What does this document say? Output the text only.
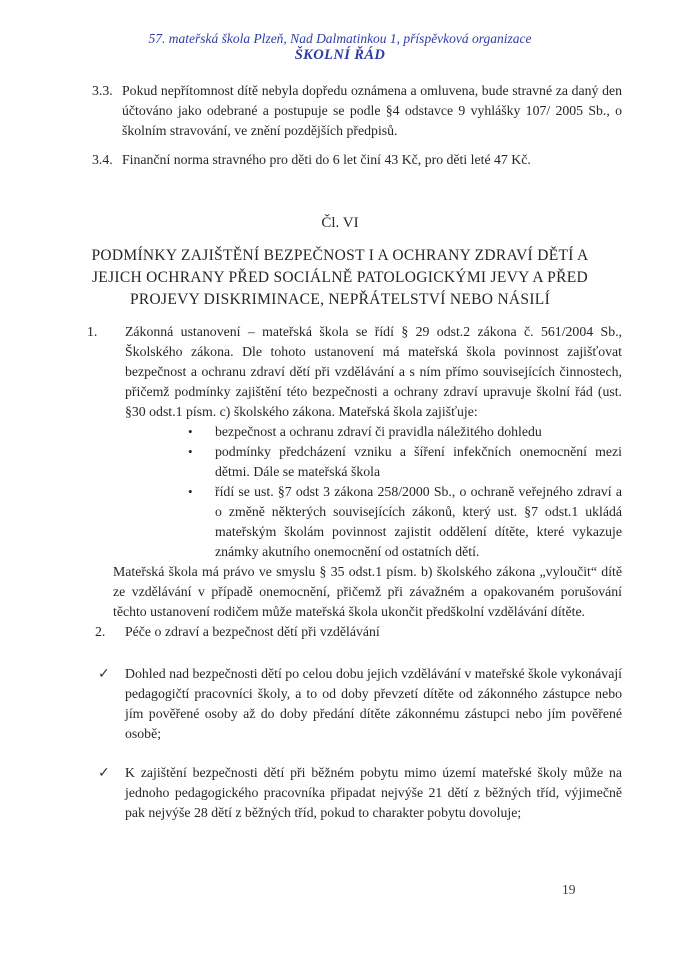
57. mateřská škola Plzeň, Nad Dalmatinkou 1, příspěvková organizace
ŠKOLNÍ ŘÁD
3.3. Pokud nepřítomnost dítě nebyla dopředu oznámena a omluvena, bude stravné za daný den účtováno jako odebrané a postupuje se podle §4 odstavce 9 vyhlášky 107/ 2005 Sb., o školním stravování, ve znění pozdějších předpisů.
3.4. Finanční norma stravného pro děti do 6 let činí 43 Kč, pro děti leté 47 Kč.
Čl. VI
PODMÍNKY ZAJIŠTĚNÍ BEZPEČNOST I A OCHRANY ZDRAVÍ DĚTÍ A JEJICH OCHRANY PŘED SOCIÁLNĚ PATOLOGICKÝMI JEVY A PŘED PROJEVY DISKRIMINACE, NEPŘÁTELSTVÍ NEBO NÁSILÍ
1.	Zákonná ustanovení – mateřská škola se řídí § 29 odst.2 zákona č. 561/2004 Sb., Školského zákona. Dle tohoto ustanovení má mateřská škola povinnost zajišťovat bezpečnost a ochranu zdraví dětí při vzdělávání a s ním přímo souvisejících činnostech, přičemž podmínky zajištění této bezpečnosti a ochrany zdraví upravuje školní řád (ust. §30 odst.1 písm. c) školského zákona. Mateřská škola zajišťuje:
•	bezpečnost a ochranu zdraví či pravidla náležitého dohledu
•	podmínky předcházení vzniku a šíření infekčních onemocnění mezi dětmi. Dále se mateřská škola
•	řídí se ust. §7 odst 3 zákona 258/2000 Sb., o ochraně veřejného zdraví a o změně některých souvisejících zákonů, který ust. §7 odst.1 ukládá mateřským školám povinnost zajistit oddělení dítěte, které vykazuje známky akutního onemocnění od ostatních dětí.
Mateřská škola má právo ve smyslu § 35 odst.1 písm. b) školského zákona „vyloučit“ dítě ze vzdělávání v případě onemocnění, přičemž při závažném a opakovaném porušování těchto ustanovení rodičem může mateřská škola ukončit předškolní vzdělávání dítěte.
2.	Péče o zdraví a bezpečnost dětí při vzdělávání
✓	Dohled nad bezpečnosti dětí po celou dobu jejich vzdělávání v mateřské škole vykonávají pedagogičtí pracovníci školy, a to od doby převzetí dítěte od zákonného zástupce nebo jím pověřené osoby až do doby předání dítěte zákonnému zástupci nebo jím pověřené osobě;
✓	K zajištění bezpečnosti dětí při běžném pobytu mimo území mateřské školy může na jednoho pedagogického pracovníka připadat nejvýše 21 dětí z běžných tříd, výjimečně pak nejvýše 28 dětí z běžných tříd, pokud to charakter pobytu dovoluje;
19
